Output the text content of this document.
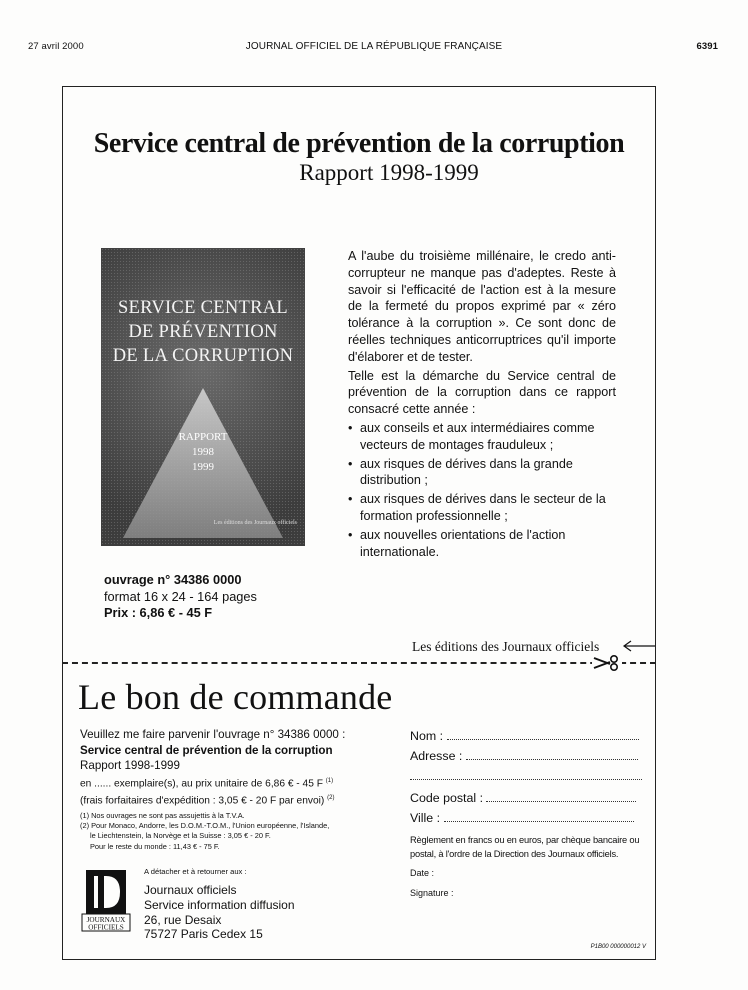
27 avril 2000	JOURNAL OFFICIEL DE LA RÉPUBLIQUE FRANÇAISE	6391
Service central de prévention de la corruption
Rapport 1998-1999
SERVICE CENTRAL
DE PRÉVENTION
DE LA CORRUPTION
RAPPORT
1998
1999
Les éditions des Journaux officiels

A l'aube du troisième millénaire, le credo anti-corrupteur ne manque pas d'adeptes. Reste à savoir si l'efficacité de l'action est à la mesure de la fermeté du propos exprimé par « zéro tolérance à la corruption ». Ce sont donc de réelles techniques anticorruptrices qu'il importe d'élaborer et de tester.

Telle est la démarche du Service central de prévention de la corruption dans ce rapport consacré cette année :

• aux conseils et aux intermédiaires comme vecteurs de montages frauduleux ;
• aux risques de dérives dans la grande distribution ;
• aux risques de dérives dans le secteur de la formation professionnelle ;
• aux nouvelles orientations de l'action internationale.
ouvrage n° 34386 0000
format 16 x 24 - 164 pages
Prix : 6,86 € - 45 F
Les éditions des Journaux officiels
Le bon de commande
Veuillez me faire parvenir l'ouvrage n° 34386 0000 :
Service central de prévention de la corruption
Rapport 1998-1999
en ...... exemplaire(s), au prix unitaire de 6,86 € - 45 F $^{(1)}$
(frais forfaitaires d'expédition : 3,05 € - 20 F par envoi) $^{(2)}$
(1) Nos ouvrages ne sont pas assujettis à la T.V.A.
(2) Pour Monaco, Andorre, les D.O.M.-T.O.M., l'Union européenne, l'Islande,
le Liechtenstein, la Norvège et la Suisse : 3,05 € - 20 F.
Pour le reste du monde : 11,43 € - 75 F.
JOURNAUX
OFFICIELS
A détacher et à retourner aux :
Journaux officiels
Service information diffusion
26, rue Desaix
75727 Paris Cedex 15
Nom :
Adresse :
Code postal :
Ville :
Règlement en francs ou en euros, par chèque bancaire ou postal, à l'ordre de la Direction des Journaux officiels.
Date :
Signature :
P1B00 000000012 V
